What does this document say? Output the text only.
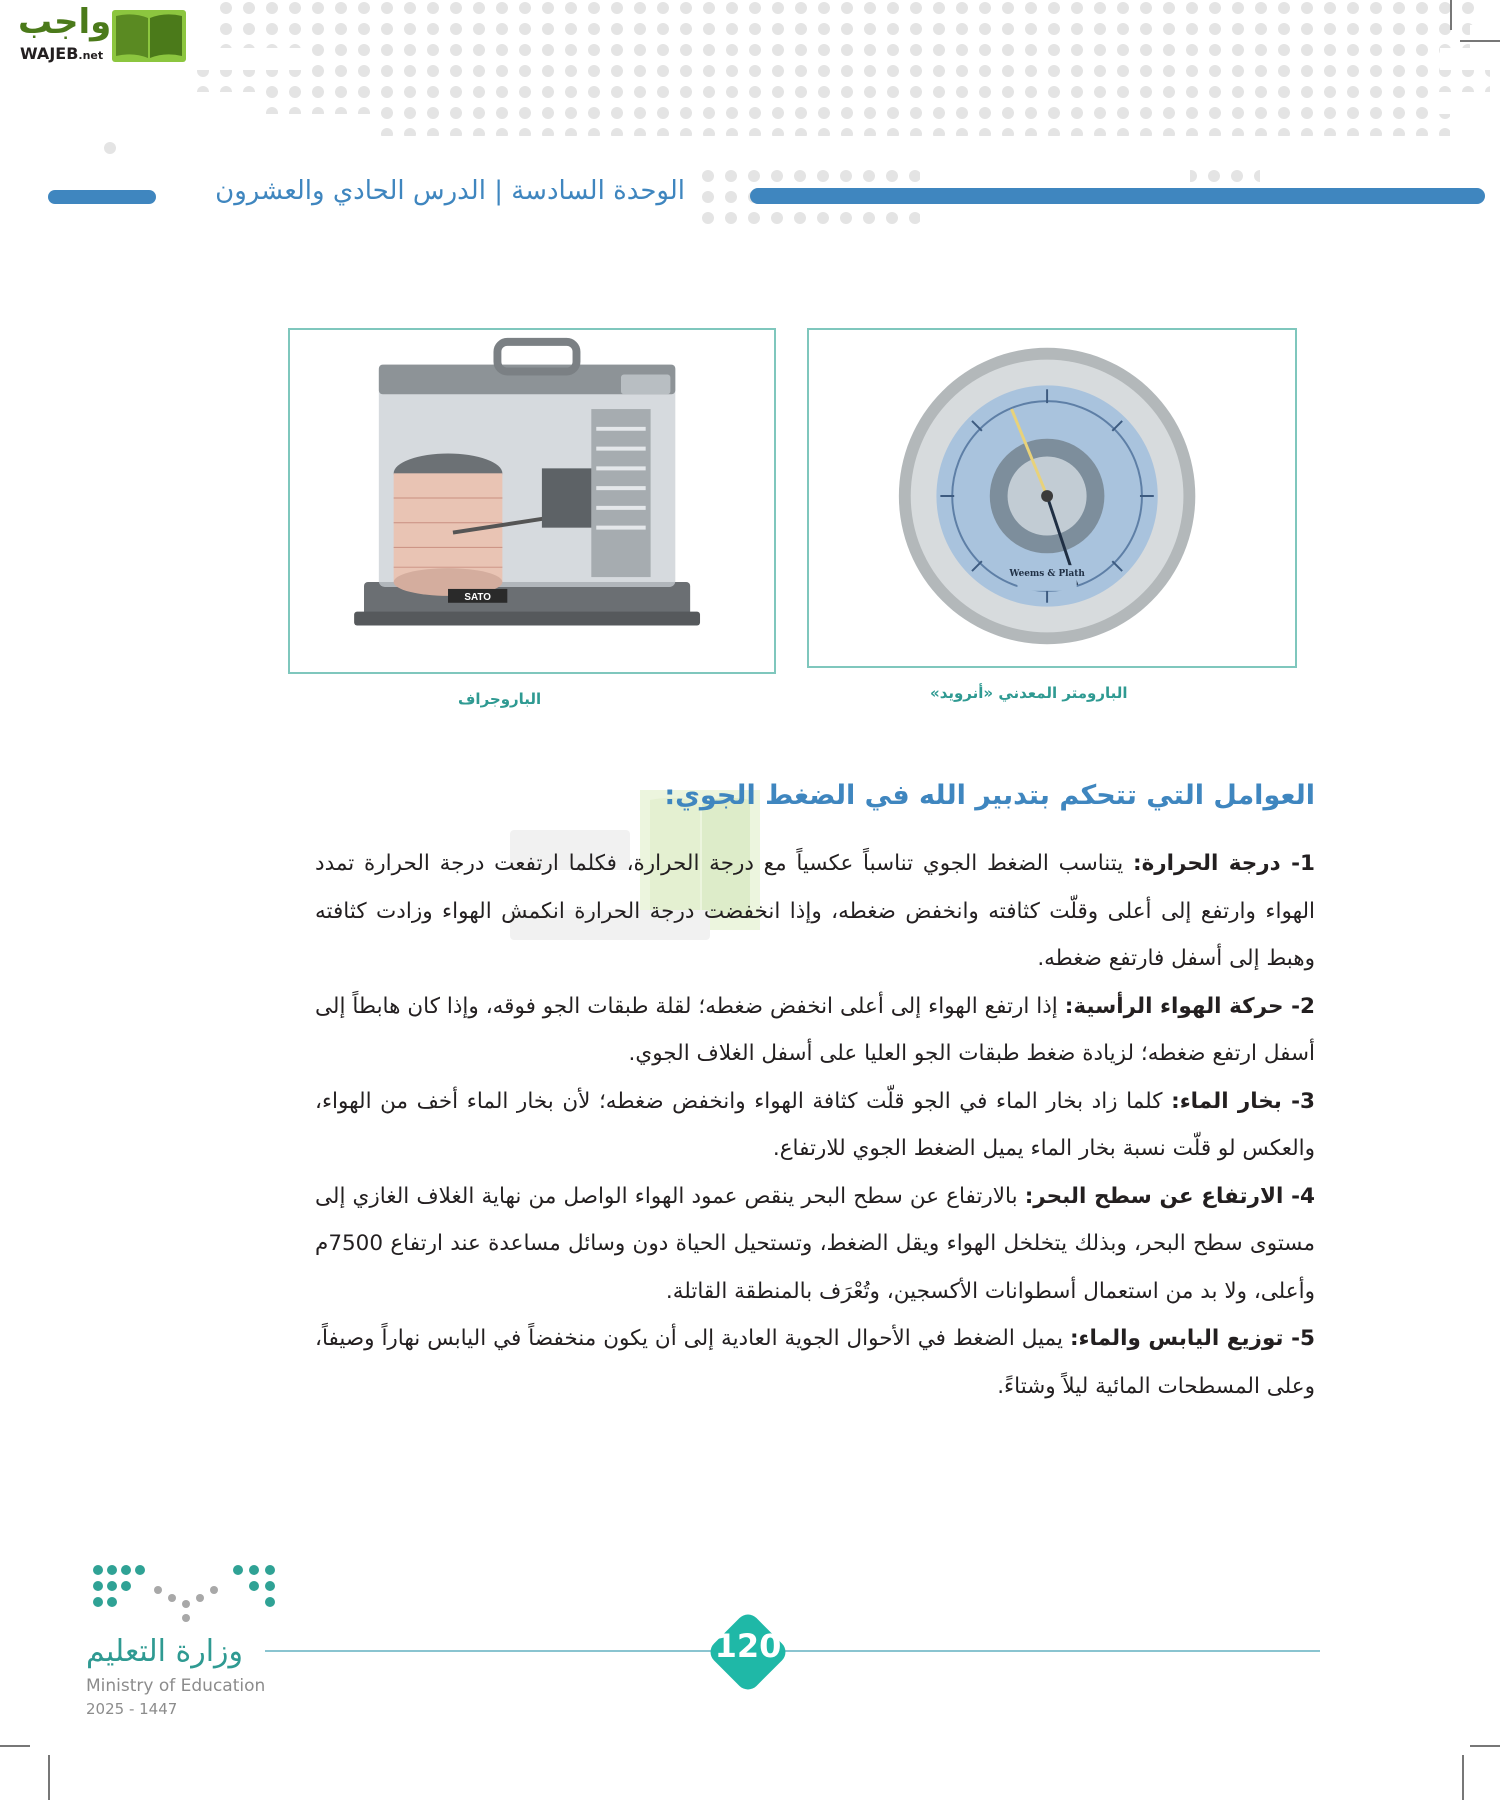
واجب
WAJEB.net
الوحدة السادسة | الدرس الحادي والعشرون
SATO
Weems & Plath
الباروجراف	البارومتر المعدني «أنرويد»
العوامل التي تتحكم بتدبير الله في الضغط الجوي:

1- درجة الحرارة: يتناسب الضغط الجوي تناسباً عكسياً مع درجة الحرارة، فكلما ارتفعت درجة الحرارة تمدد الهواء وارتفع إلى أعلى وقلّت كثافته وانخفض ضغطه، وإذا انخفضت درجة الحرارة انكمش الهواء وزادت كثافته وهبط إلى أسفل فارتفع ضغطه.

2- حركة الهواء الرأسية: إذا ارتفع الهواء إلى أعلى انخفض ضغطه؛ لقلة طبقات الجو فوقه، وإذا كان هابطاً إلى أسفل ارتفع ضغطه؛ لزيادة ضغط طبقات الجو العليا على أسفل الغلاف الجوي.

3- بخار الماء: كلما زاد بخار الماء في الجو قلّت كثافة الهواء وانخفض ضغطه؛ لأن بخار الماء أخف من الهواء، والعكس لو قلّت نسبة بخار الماء يميل الضغط الجوي للارتفاع.

4- الارتفاع عن سطح البحر: بالارتفاع عن سطح البحر ينقص عمود الهواء الواصل من نهاية الغلاف الغازي إلى مستوى سطح البحر، وبذلك يتخلخل الهواء ويقل الضغط، وتستحيل الحياة دون وسائل مساعدة عند ارتفاع 7500م وأعلى، ولا بد من استعمال أسطوانات الأكسجين، وتُعْرَف بالمنطقة القاتلة.

5- توزيع اليابس والماء: يميل الضغط في الأحوال الجوية العادية إلى أن يكون منخفضاً في اليابس نهاراً وصيفاً، وعلى المسطحات المائية ليلاً وشتاءً.

120
وزارة التعليم
Ministry of Education
2025 - 1447
